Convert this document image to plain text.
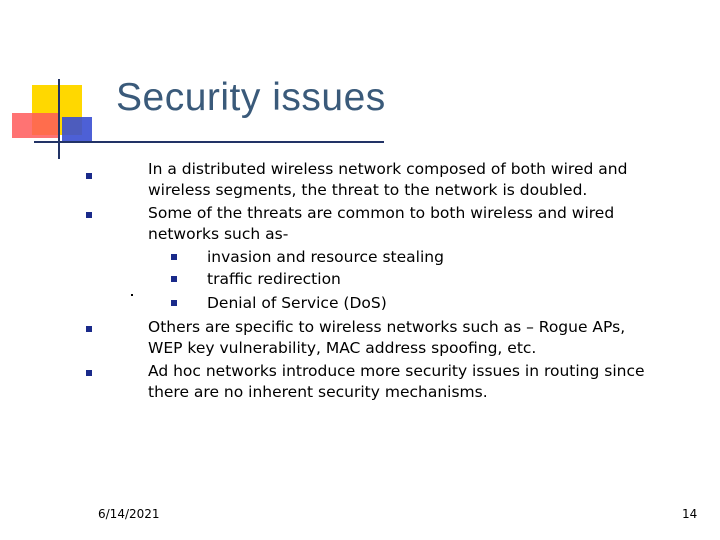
Security issues
In a distributed wireless network composed of both wired and
wireless segments, the threat to the network is doubled.
Some of the threats are common to both wireless and wired
networks such as-
invasion and resource stealing
traffic redirection
Denial of Service (DoS)
Others are specific to wireless networks such as – Rogue APs,
WEP key vulnerability, MAC address spoofing, etc.
Ad hoc networks introduce more security issues in routing since
there are no inherent security mechanisms.
6/14/2021	14
